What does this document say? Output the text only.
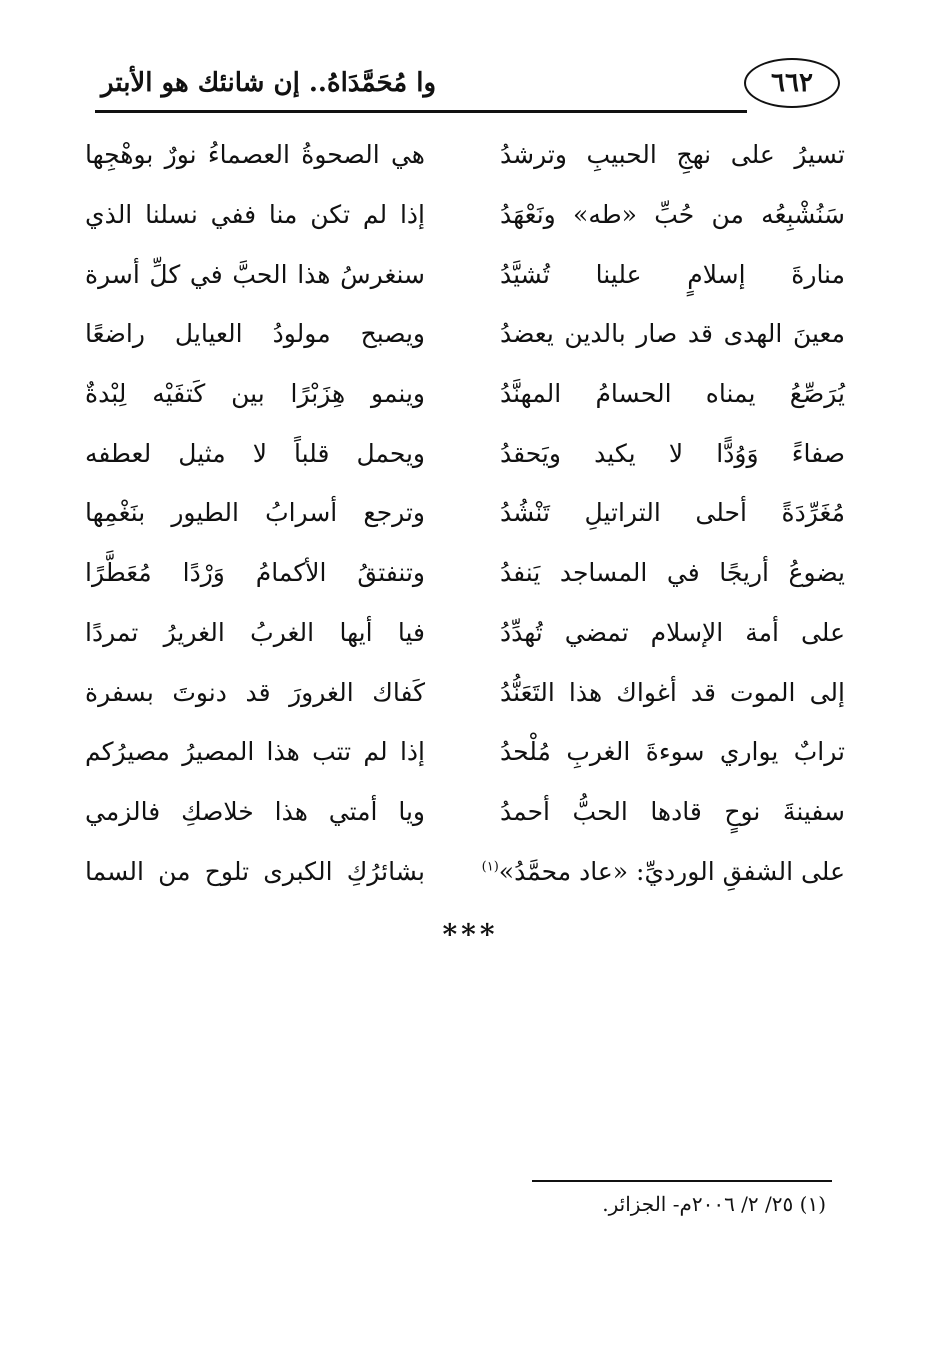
٦٦٢
وا مُحَمَّدَاهُ.. إن شانئك هو الأبتر
هي الصحوةُ العصماءُ نورٌ بوهْجِها	تسيرُ على نهجِ الحبيبِ وترشدُ
إذا لم تكن منا ففي نسلنا الذي	سَنُشْبِعُه من حُبِّ «طه» ونَعْهَدُ
سنغرسُ هذا الحبَّ في كلِّ أسرة	منارةَ إسلامٍ علينا تُشيَّدُ
ويصبح مولودُ العيايل راضعًا	معينَ الهدى قد صار بالدين يعضدُ
وينمو هِزَبْرًا بين كَتفَيْه لِبْدةٌ	يُرَصِّعُ يمناه الحسامُ المهنَّدُ
ويحمل قلباً لا مثيل لعطفه	صفاءً وَوُدًّا لا يكيد ويَحقدُ
وترجع أسرابُ الطيور بنَغْمِها	مُغَرِّدَةً أحلى التراتيلِ تَنْشُدُ
وتنفتقُ الأكمامُ وَرْدًا مُعَطَّرًا	يضوعُ أريجًا في المساجد يَنفدُ
فيا أيها الغربُ الغريرُ تمردًا	على أمة الإسلام تمضي تُهدِّدُ
كَفاك الغرورَ قد دنوتَ بسفرة	إلى الموت قد أغواك هذا التَعَنُّدُ
إذا لم تتب هذا المصيرُ مصيرُكم	ترابٌ يواري سوءةَ الغربِ مُلْحدُ
ويا أمتي هذا خلاصكِ فالزمي	سفينةَ نوحٍ قادها الحبُّ أحمدُ
بشائرُكِ الكبرى تلوح من السما	على الشفقِ الورديِّ: «عاد محمَّدُ»$^{(١)}$
***
(١) ٢٥/ ٢/ ٢٠٠٦م- الجزائر.
